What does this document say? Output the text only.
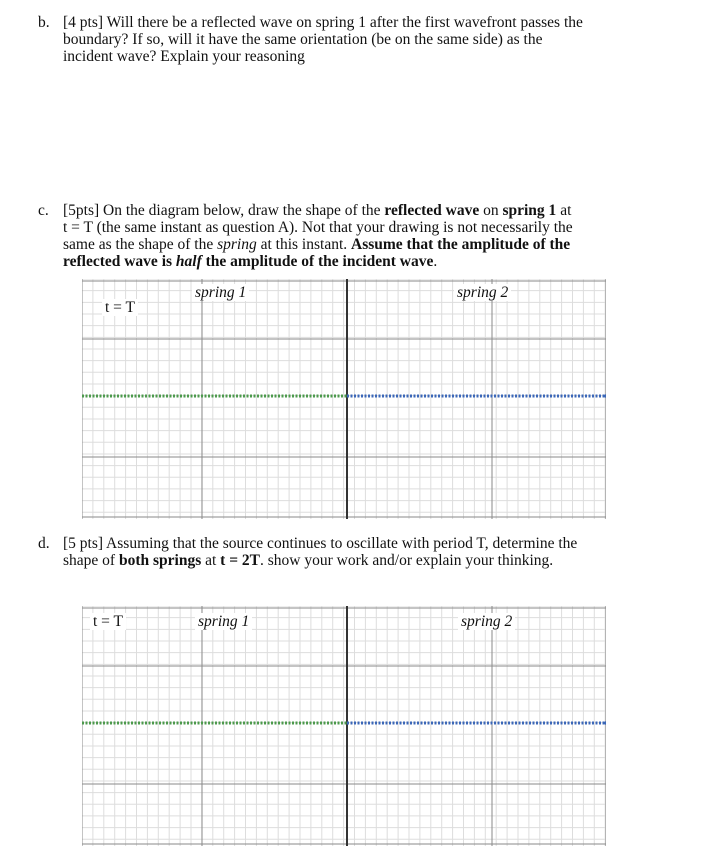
b. [4 pts] Will there be a reflected wave on spring 1 after the first wavefront passes the
boundary? If so, will it have the same orientation (be on the same side) as the
incident wave? Explain your reasoning
c. [5pts] On the diagram below, draw the shape of the reflected wave on spring 1 at
t = T (the same instant as question A). Not that your drawing is not necessarily the
same as the shape of the spring at this instant. Assume that the amplitude of the
reflected wave is half the amplitude of the incident wave.
t = T
spring 1	spring 2
d. [5 pts] Assuming that the source continues to oscillate with period T, determine the
shape of both springs at t = 2T. show your work and/or explain your thinking.
t = T	spring 1	spring 2
